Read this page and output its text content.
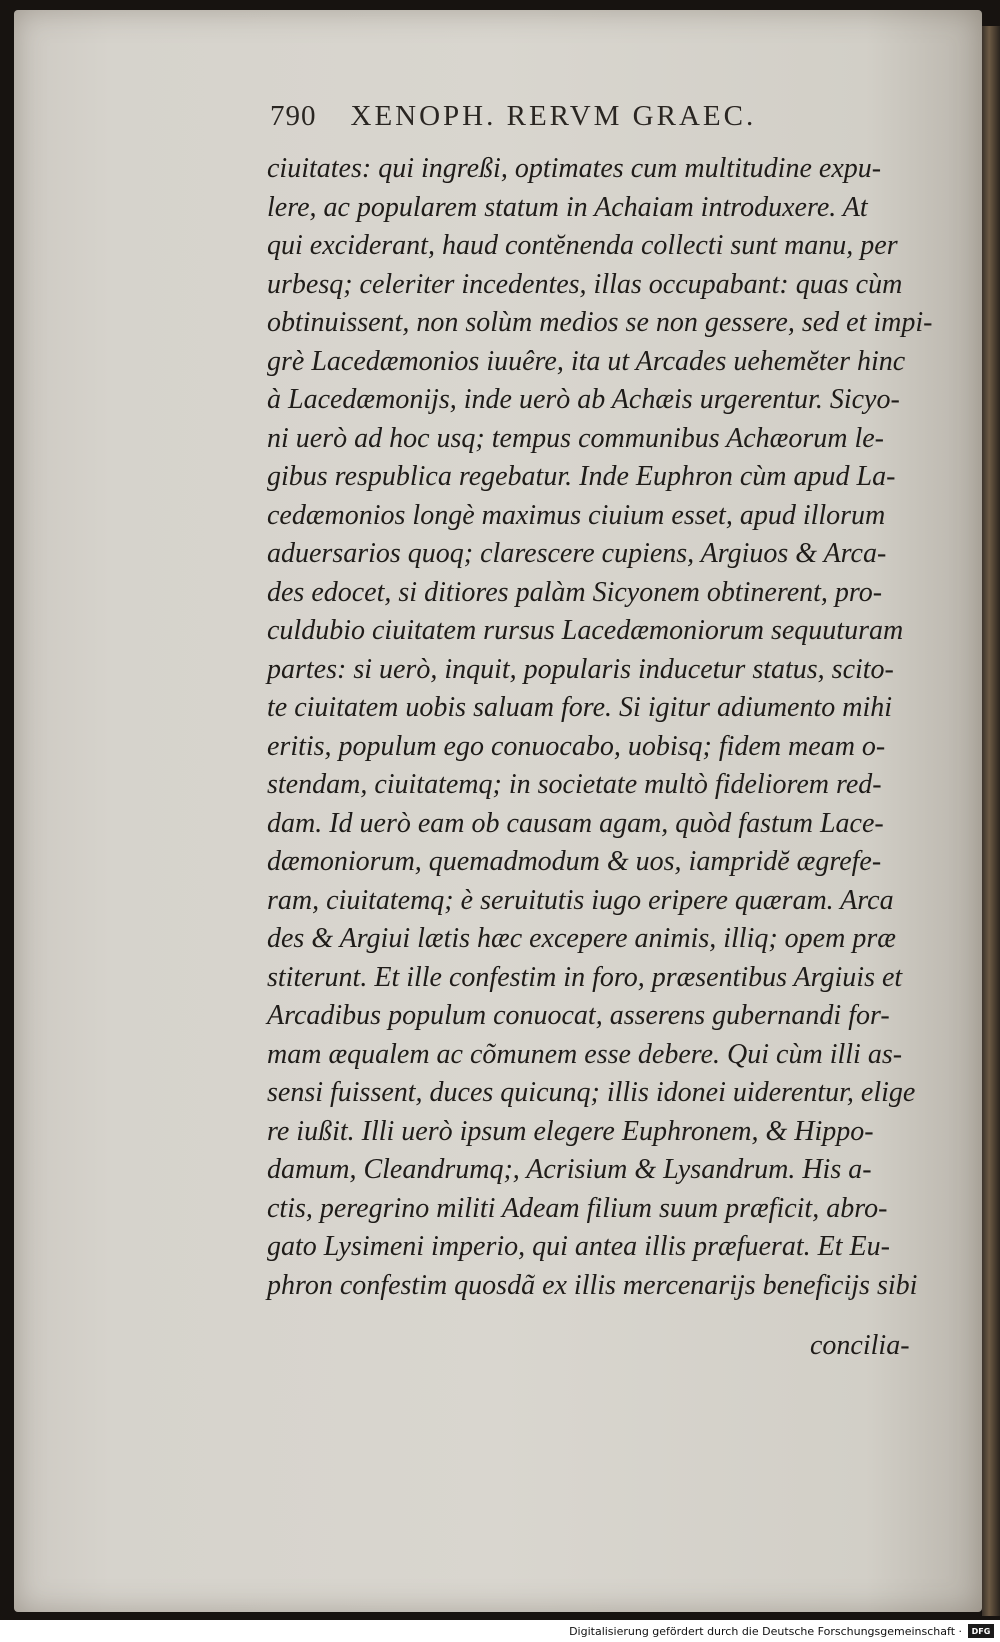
790 XENOPH. RERVM GRAEC.
ciuitates: qui ingreßi, optimates cum multitudine expu-
lere, ac popularem statum in Achaiam introduxere. At
qui exciderant, haud contĕnenda collecti sunt manu, per
urbesq; celeriter incedentes, illas occupabant: quas cùm
obtinuissent, non solùm medios se non gessere, sed et impi-
grè Lacedæmonios iuuêre, ita ut Arcades uehemĕter hinc
à Lacedæmonijs, inde uerò ab Achæis urgerentur. Sicyo-
ni uerò ad hoc usq; tempus communibus Achæorum le-
gibus respublica regebatur. Inde Euphron cùm apud La-
cedæmonios longè maximus ciuium esset, apud illorum
aduersarios quoq; clarescere cupiens, Argiuos & Arca-
des edocet, si ditiores palàm Sicyonem obtinerent, pro-
culdubio ciuitatem rursus Lacedæmoniorum sequuturam
partes: si uerò, inquit, popularis inducetur status, scito-
te ciuitatem uobis saluam fore. Si igitur adiumento mihi
eritis, populum ego conuocabo, uobisq; fidem meam o-
stendam, ciuitatemq; in societate multò fideliorem red-
dam. Id uerò eam ob causam agam, quòd fastum Lace-
dæmoniorum, quemadmodum & uos, iampridĕ ægrefe-
ram, ciuitatemq; è seruitutis iugo eripere quæram. Arca
des & Argiui lætis hæc excepere animis, illiq; opem præ
stiterunt. Et ille confestim in foro, præsentibus Argiuis et
Arcadibus populum conuocat, asserens gubernandi for-
mam æqualem ac cõmunem esse debere. Qui cùm illi as-
sensi fuissent, duces quicunq; illis idonei uiderentur, elige
re iußit. Illi uerò ipsum elegere Euphronem, & Hippo-
damum, Cleandrumq;, Acrisium & Lysandrum. His a-
ctis, peregrino militi Adeam filium suum præficit, abro-
gato Lysimeni imperio, qui antea illis præfuerat. Et Eu-
phron confestim quosdã ex illis mercenarijs beneficijs sibi
concilia-
Digitalisierung gefördert durch die Deutsche Forschungsgemeinschaft ·	DFG
